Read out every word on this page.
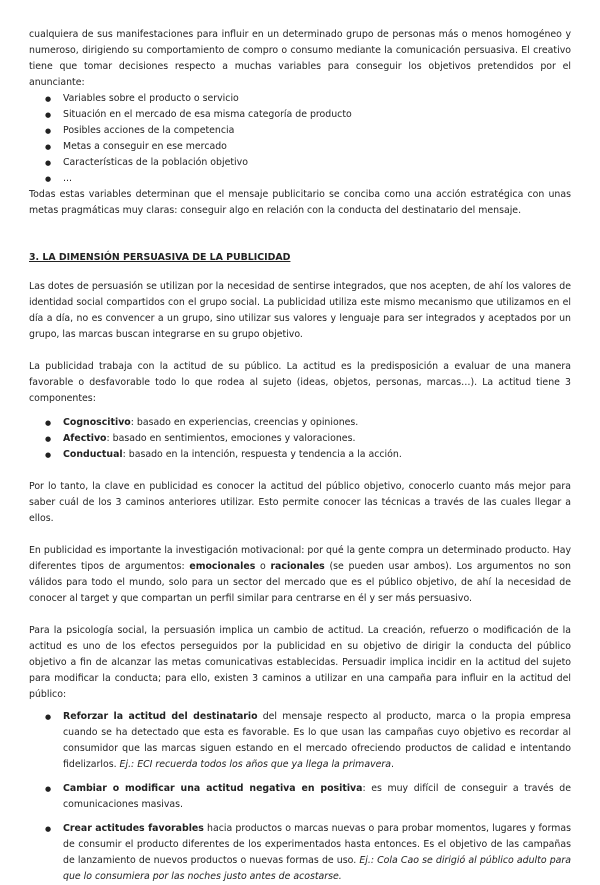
cualquiera de sus manifestaciones para influir en un determinado grupo de personas más o menos homogéneo y numeroso, dirigiendo su comportamiento de compro o consumo mediante la comunicación persuasiva. El creativo tiene que tomar decisiones respecto a muchas variables para conseguir los objetivos pretendidos por el anunciante:

● Variables sobre el producto o servicio
● Situación en el mercado de esa misma categoría de producto
● Posibles acciones de la competencia
● Metas a conseguir en ese mercado
● Características de la población objetivo
● ...

Todas estas variables determinan que el mensaje publicitario se conciba como una acción estratégica con unas metas pragmáticas muy claras: conseguir algo en relación con la conducta del destinatario del mensaje.

3. LA DIMENSIÓN PERSUASIVA DE LA PUBLICIDAD

Las dotes de persuasión se utilizan por la necesidad de sentirse integrados, que nos acepten, de ahí los valores de identidad social compartidos con el grupo social. La publicidad utiliza este mismo mecanismo que utilizamos en el día a día, no es convencer a un grupo, sino utilizar sus valores y lenguaje para ser integrados y aceptados por un grupo, las marcas buscan integrarse en su grupo objetivo.

La publicidad trabaja con la actitud de su público. La actitud es la predisposición a evaluar de una manera favorable o desfavorable todo lo que rodea al sujeto (ideas, objetos, personas, marcas…). La actitud tiene 3 componentes:

● Cognoscitivo: basado en experiencias, creencias y opiniones.
● Afectivo: basado en sentimientos, emociones y valoraciones.
● Conductual: basado en la intención, respuesta y tendencia a la acción.

Por lo tanto, la clave en publicidad es conocer la actitud del público objetivo, conocerlo cuanto más mejor para saber cuál de los 3 caminos anteriores utilizar. Esto permite conocer las técnicas a través de las cuales llegar a ellos.

En publicidad es importante la investigación motivacional: por qué la gente compra un determinado producto. Hay diferentes tipos de argumentos: emocionales o racionales (se pueden usar ambos). Los argumentos no son válidos para todo el mundo, solo para un sector del mercado que es el público objetivo, de ahí la necesidad de conocer al target y que compartan un perfil similar para centrarse en él y ser más persuasivo.

Para la psicología social, la persuasión implica un cambio de actitud. La creación, refuerzo o modificación de la actitud es uno de los efectos perseguidos por la publicidad en su objetivo de dirigir la conducta del público objetivo a fin de alcanzar las metas comunicativas establecidas. Persuadir implica incidir en la actitud del sujeto para modificar la conducta; para ello, existen 3 caminos a utilizar en una campaña para influir en la actitud del público:

● Reforzar la actitud del destinatario del mensaje respecto al producto, marca o la propia empresa cuando se ha detectado que esta es favorable. Es lo que usan las campañas cuyo objetivo es recordar al consumidor que las marcas siguen estando en el mercado ofreciendo productos de calidad e intentando fidelizarlos. Ej.: ECI recuerda todos los años que ya llega la primavera.
● Cambiar o modificar una actitud negativa en positiva: es muy difícil de conseguir a través de comunicaciones masivas.
● Crear actitudes favorables hacia productos o marcas nuevas o para probar momentos, lugares y formas de consumir el producto diferentes de los experimentados hasta entonces. Es el objetivo de las campañas de lanzamiento de nuevos productos o nuevas formas de uso. Ej.: Cola Cao se dirigió al público adulto para que lo consumiera por las noches justo antes de acostarse.
